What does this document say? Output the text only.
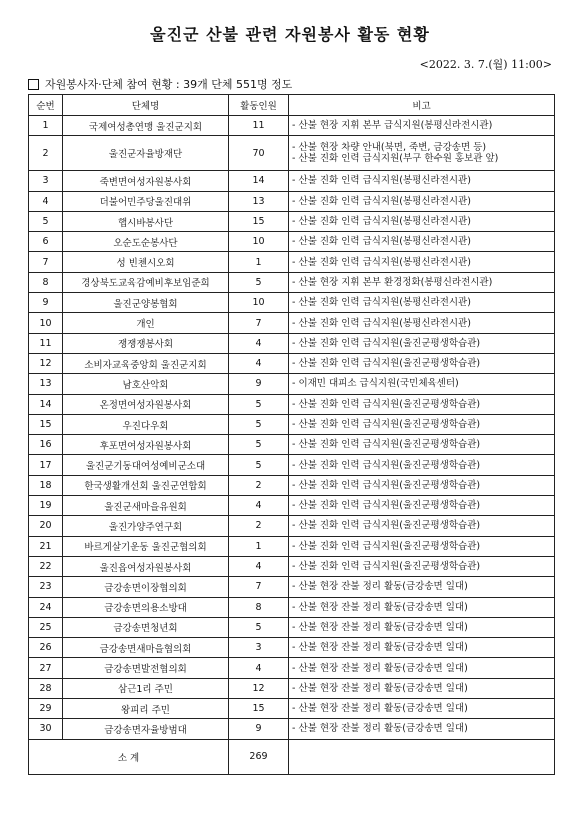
울진군 산불 관련 자원봉사 활동 현황
<2022. 3. 7.(월) 11:00>
자원봉사자·단체 참여 현황 : 39개 단체 551명 정도
순번	단체명	활동인원	비고
1	국제여성총연맹 울진군지회	11	- 산불 현장 지휘 본부 급식지원(봉평신라전시관)

2	울진군자율방재단	70	- 산불 현장 차량 안내(북면, 죽변, 금강송면 등)
- 산불 진화 인력 급식지원(부구 한수원 홍보관 앞)

3	죽변면여성자원봉사회	14	- 산불 진화 인력 급식지원(봉평신라전시관)

4	더불어민주당울진대위	13	- 산불 진화 인력 급식지원(봉평신라전시관)

5	햅시바봉사단	15	- 산불 진화 인력 급식지원(봉평신라전시관)

6	오순도순봉사단	10	- 산불 진화 인력 급식지원(봉평신라전시관)

7	성 빈첸시오회	1	- 산불 진화 인력 급식지원(봉평신라전시관)

8	경상북도교육감예비후보임준희	5	- 산불 현장 지휘 본부 환경정화(봉평신라전시관)

9	울진군양봉협회	10	- 산불 진화 인력 급식지원(봉평신라전시관)

10	개인	7	- 산불 진화 인력 급식지원(봉평신라전시관)

11	쟁쟁쟁봉사회	4	- 산불 진화 인력 급식지원(울진군평생학습관)

12	소비자교육중앙회 울진군지회	4	- 산불 진화 인력 급식지원(울진군평생학습관)

13	남호산악회	9	- 이재민 대피소 급식지원(국민체육센터)

14	온정면여성자원봉사회	5	- 산불 진화 인력 급식지원(울진군평생학습관)

15	우진다우회	5	- 산불 진화 인력 급식지원(울진군평생학습관)

16	후포면여성자원봉사회	5	- 산불 진화 인력 급식지원(울진군평생학습관)

17	울진군기동대여성예비군소대	5	- 산불 진화 인력 급식지원(울진군평생학습관)

18	한국생활개선회 울진군연합회	2	- 산불 진화 인력 급식지원(울진군평생학습관)

19	울진군새마을유원회	4	- 산불 진화 인력 급식지원(울진군평생학습관)

20	울진가양주연구회	2	- 산불 진화 인력 급식지원(울진군평생학습관)

21	바르게살기운동 울진군협의회	1	- 산불 진화 인력 급식지원(울진군평생학습관)

22	울진읍여성자원봉사회	4	- 산불 진화 인력 급식지원(울진군평생학습관)

23	금강송면이장협의회	7	- 산불 현장 잔불 정리 활동(금강송면 일대)

24	금강송면의용소방대	8	- 산불 현장 잔불 정리 활동(금강송면 일대)

25	금강송면청년회	5	- 산불 현장 잔불 정리 활동(금강송면 일대)

26	금강송면새마을협의회	3	- 산불 현장 잔불 정리 활동(금강송면 일대)

27	금강송면발전협의회	4	- 산불 현장 잔불 정리 활동(금강송면 일대)

28	삼근1리 주민	12	- 산불 현장 잔불 정리 활동(금강송면 일대)

29	왕피리 주민	15	- 산불 현장 잔불 정리 활동(금강송면 일대)

30	금강송면자율방범대	9	- 산불 현장 잔불 정리 활동(금강송면 일대)

소 계		269	
